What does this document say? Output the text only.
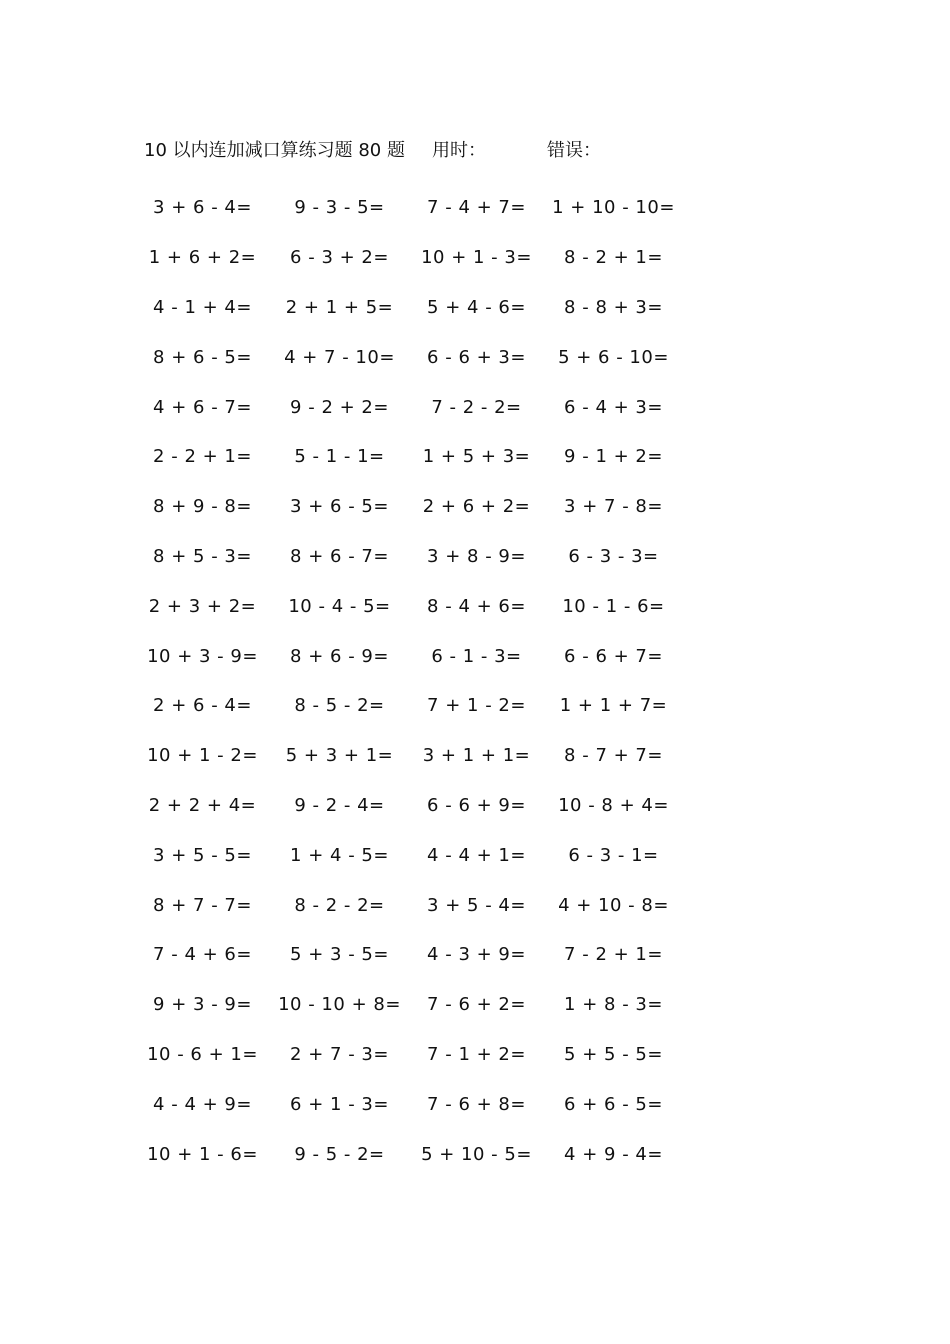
10 以内连加减口算练习题 80 题 用时：	错误：
3 + 6 - 4=	9 - 3 - 5=	7 - 4 + 7=	1 + 10 - 10=
1 + 6 + 2=	6 - 3 + 2=	10 + 1 - 3=	8 - 2 + 1=
4 - 1 + 4=	2 + 1 + 5=	5 + 4 - 6=	8 - 8 + 3=
8 + 6 - 5=	4 + 7 - 10=	6 - 6 + 3=	5 + 6 - 10=
4 + 6 - 7=	9 - 2 + 2=	7 - 2 - 2=	6 - 4 + 3=
2 - 2 + 1=	5 - 1 - 1=	1 + 5 + 3=	9 - 1 + 2=
8 + 9 - 8=	3 + 6 - 5=	2 + 6 + 2=	3 + 7 - 8=
8 + 5 - 3=	8 + 6 - 7=	3 + 8 - 9=	6 - 3 - 3=
2 + 3 + 2=	10 - 4 - 5=	8 - 4 + 6=	10 - 1 - 6=
10 + 3 - 9=	8 + 6 - 9=	6 - 1 - 3=	6 - 6 + 7=
2 + 6 - 4=	8 - 5 - 2=	7 + 1 - 2=	1 + 1 + 7=
10 + 1 - 2=	5 + 3 + 1=	3 + 1 + 1=	8 - 7 + 7=
2 + 2 + 4=	9 - 2 - 4=	6 - 6 + 9=	10 - 8 + 4=
3 + 5 - 5=	1 + 4 - 5=	4 - 4 + 1=	6 - 3 - 1=
8 + 7 - 7=	8 - 2 - 2=	3 + 5 - 4=	4 + 10 - 8=
7 - 4 + 6=	5 + 3 - 5=	4 - 3 + 9=	7 - 2 + 1=
9 + 3 - 9=	10 - 10 + 8=	7 - 6 + 2=	1 + 8 - 3=
10 - 6 + 1=	2 + 7 - 3=	7 - 1 + 2=	5 + 5 - 5=
4 - 4 + 9=	6 + 1 - 3=	7 - 6 + 8=	6 + 6 - 5=
10 + 1 - 6=	9 - 5 - 2=	5 + 10 - 5=	4 + 9 - 4=
